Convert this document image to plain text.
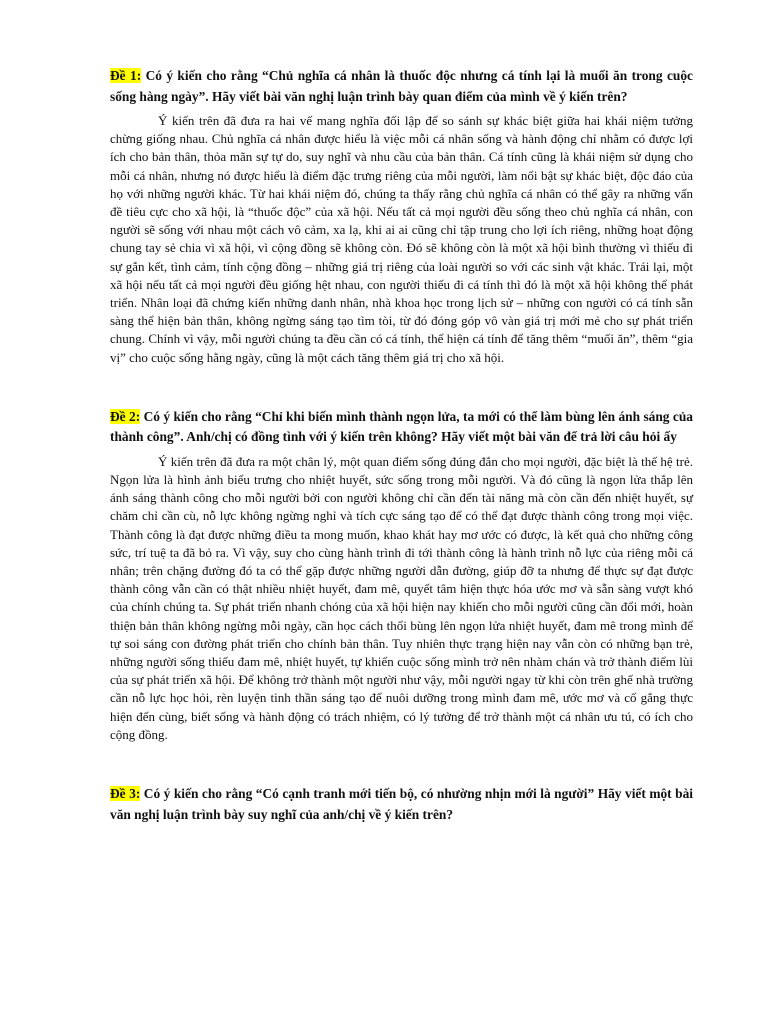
Đề 1: Có ý kiến cho rằng “Chủ nghĩa cá nhân là thuốc độc nhưng cá tính lại là muối ăn trong cuộc sống hàng ngày”. Hãy viết bài văn nghị luận trình bày quan điểm của mình về ý kiến trên?

Ý kiến trên đã đưa ra hai vế mang nghĩa đối lập để so sánh sự khác biệt giữa hai khái niệm tưởng chừng giống nhau. Chủ nghĩa cá nhân được hiểu là việc mỗi cá nhân sống và hành động chỉ nhằm có được lợi ích cho bản thân, thỏa mãn sự tự do, suy nghĩ và nhu cầu của bản thân. Cá tính cũng là khái niệm sử dụng cho mỗi cá nhân, nhưng nó được hiểu là điểm đặc trưng riêng của mỗi người, làm nổi bật sự khác biệt, độc đáo của họ với những người khác. Từ hai khái niệm đó, chúng ta thấy rằng chủ nghĩa cá nhân có thể gây ra những vấn đề tiêu cực cho xã hội, là “thuốc độc” của xã hội. Nếu tất cả mọi người đều sống theo chủ nghĩa cá nhân, con người sẽ sống với nhau một cách vô cảm, xa lạ, khi ai ai cũng chỉ tập trung cho lợi ích riêng, những hoạt động chung tay sẻ chia vì xã hội, vì cộng đồng sẽ không còn. Đó sẽ không còn là một xã hội bình thường vì thiếu đi sự gắn kết, tình cảm, tính cộng đồng – những giá trị riêng của loài người so với các sinh vật khác. Trái lại, một xã hội nếu tất cả mọi người đều giống hệt nhau, con người thiếu đi cá tính thì đó là một xã hội không thể phát triển. Nhân loại đã chứng kiến những danh nhân, nhà khoa học trong lịch sử – những con người có cá tính sẵn sàng thể hiện bản thân, không ngừng sáng tạo tìm tòi, từ đó đóng góp vô vàn giá trị mới mẻ cho sự phát triển chung. Chính vì vậy, mỗi người chúng ta đều cần có cá tính, thể hiện cá tính để tăng thêm “muối ăn”, thêm “gia vị” cho cuộc sống hằng ngày, cũng là một cách tăng thêm giá trị cho xã hội.

Đề 2: Có ý kiến cho rằng “Chỉ khi biến mình thành ngọn lửa, ta mới có thể làm bùng lên ánh sáng của thành công”. Anh/chị có đồng tình với ý kiến trên không? Hãy viết một bài văn để trả lời câu hỏi ấy

Ý kiến trên đã đưa ra một chân lý, một quan điểm sống đúng đắn cho mọi người, đặc biệt là thế hệ trẻ. Ngọn lửa là hình ảnh biểu trưng cho nhiệt huyết, sức sống trong mỗi người. Và đó cũng là ngọn lửa thắp lên ánh sáng thành công cho mỗi người bởi con người không chỉ cần đến tài năng mà còn cần đến nhiệt huyết, sự chăm chỉ cần cù, nỗ lực không ngừng nghỉ và tích cực sáng tạo để có thể đạt được thành công trong mọi việc. Thành công là đạt được những điều ta mong muốn, khao khát hay mơ ước có được, là kết quả cho những công sức, trí tuệ ta đã bỏ ra. Vì vậy, suy cho cùng hành trình đi tới thành công là hành trình nỗ lực của riêng mỗi cá nhân; trên chặng đường đó ta có thể gặp được những người dẫn đường, giúp đỡ ta nhưng để thực sự đạt được thành công vẫn cần có thật nhiều nhiệt huyết, đam mê, quyết tâm hiện thực hóa ước mơ và sẵn sàng vượt khó của chính chúng ta. Sự phát triển nhanh chóng của xã hội hiện nay khiến cho mỗi người cũng cần đổi mới, hoàn thiện bản thân không ngừng mỗi ngày, cần học cách thổi bùng lên ngọn lửa nhiệt huyết, đam mê trong mình để tự soi sáng con đường phát triển cho chính bản thân. Tuy nhiên thực trạng hiện nay vẫn còn có những bạn trẻ, những người sống thiếu đam mê, nhiệt huyết, tự khiến cuộc sống mình trở nên nhàm chán và trở thành điểm lùi của sự phát triển xã hội. Để không trở thành một người như vậy, mỗi người ngay từ khi còn trên ghế nhà trường cần nỗ lực học hỏi, rèn luyện tinh thần sáng tạo để nuôi dưỡng trong mình đam mê, ước mơ và cố gắng thực hiện đến cùng, biết sống và hành động có trách nhiệm, có lý tưởng để trở thành một cá nhân ưu tú, có ích cho cộng đồng.

Đề 3: Có ý kiến cho rằng “Có cạnh tranh mới tiến bộ, có nhường nhịn mới là người” Hãy viết một bài văn nghị luận trình bày suy nghĩ của anh/chị về ý kiến trên?
